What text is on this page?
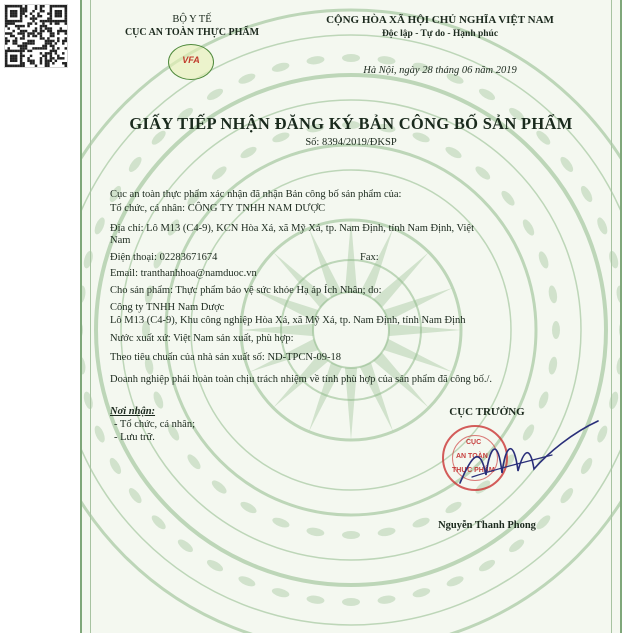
BỘ Y TẾ
CỤC AN TOÀN THỰC PHẨM
VFA
CỘNG HÒA XÃ HỘI CHỦ NGHĨA VIỆT NAM
Độc lập - Tự do - Hạnh phúc
Hà Nội, ngày 28 tháng 06 năm 2019
GIẤY TIẾP NHẬN ĐĂNG KÝ BẢN CÔNG BỐ SẢN PHẨM
Số: 8394/2019/ĐKSP
Cục an toàn thực phẩm xác nhận đã nhận Bản công bố sản phẩm của:
Tổ chức, cá nhân: CÔNG TY TNHH NAM DƯỢC
Địa chỉ: Lô M13 (C4-9), KCN Hòa Xá, xã Mỹ Xá, tp. Nam Định, tỉnh Nam Định, Việt
Nam
Điện thoại: 02283671674	Fax:
Email: tranthanhhoa@namduoc.vn
Cho sản phẩm: Thực phẩm bảo vệ sức khỏe Hạ áp Ích Nhân; do:
Công ty TNHH Nam Dược
Lô M13 (C4-9), Khu công nghiệp Hòa Xá, xã Mỹ Xá, tp. Nam Định, tỉnh Nam Định
Nước xuất xứ: Việt Nam sản xuất, phù hợp:
Theo tiêu chuẩn của nhà sản xuất số: ND-TPCN-09-18
Doanh nghiệp phải hoàn toàn chịu trách nhiệm về tính phù hợp của sản phẩm đã công bố./.
Nơi nhận:
- Tổ chức, cá nhân;
- Lưu trữ.
CỤC TRƯỞNG
CỤC
AN TOÀN
THỰC PHẨM
Nguyễn Thanh Phong
